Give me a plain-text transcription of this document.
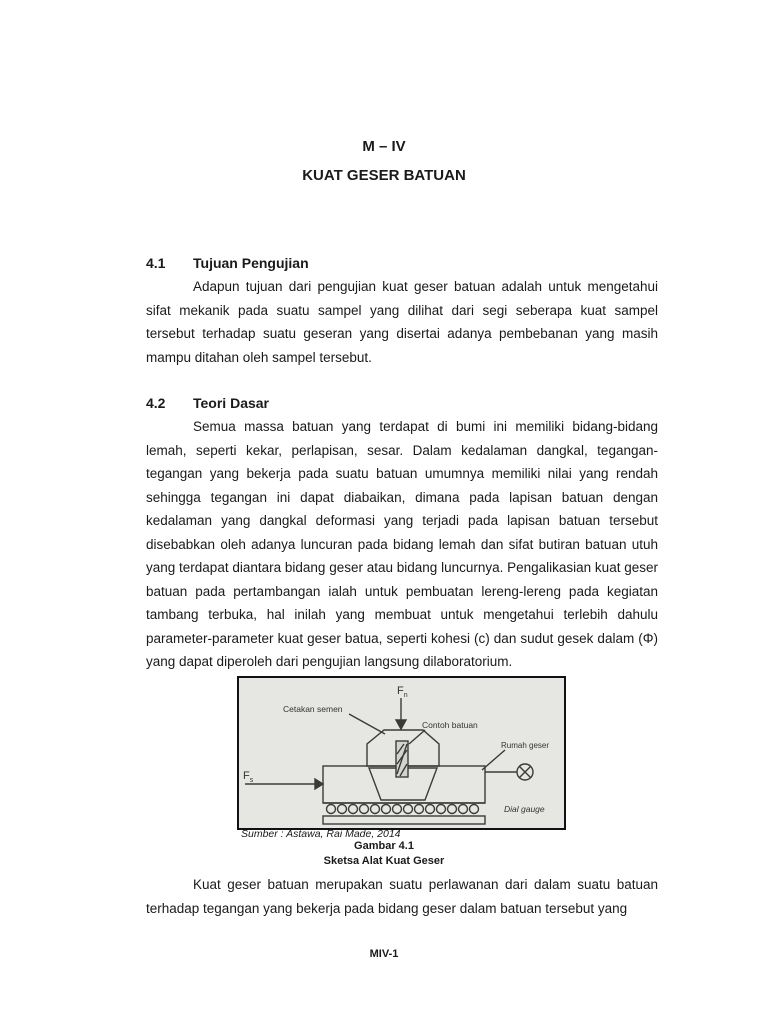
M – IV
KUAT GESER BATUAN
4.1 Tujuan Pengujian

Adapun tujuan dari pengujian kuat geser batuan adalah untuk mengetahui sifat mekanik pada suatu sampel yang dilihat dari segi seberapa kuat sampel tersebut terhadap suatu geseran yang disertai adanya pembebanan yang masih mampu ditahan oleh sampel tersebut.

4.2 Teori Dasar

Semua massa batuan yang terdapat di bumi ini memiliki bidang-bidang lemah, seperti kekar, perlapisan, sesar. Dalam kedalaman dangkal, tegangan-tegangan yang bekerja pada suatu batuan umumnya memiliki nilai yang rendah sehingga tegangan ini dapat diabaikan, dimana pada lapisan batuan dengan kedalaman yang dangkal deformasi yang terjadi pada lapisan batuan tersebut disebabkan oleh adanya luncuran pada bidang lemah dan sifat butiran batuan utuh yang terdapat diantara bidang geser atau bidang luncurnya. Pengalikasian kuat geser batuan pada pertambangan ialah untuk pembuatan lereng-lereng pada kegiatan tambang terbuka, hal inilah yang membuat untuk mengetahui terlebih dahulu parameter-parameter kuat geser batua, seperti kohesi (c) dan sudut gesek dalam (Φ) yang dapat diperoleh dari pengujian langsung dilaboratorium.

$F_n$
$F_s$
Cetakan semen
Contoh batuan
Rumah geser
Dial gauge
Sumber : Astawa, Rai Made, 2014
Gambar 4.1
Sketsa Alat Kuat Geser

Kuat geser batuan merupakan suatu perlawanan dari dalam suatu batuan terhadap tegangan yang bekerja pada bidang geser dalam batuan tersebut yang

MIV-1
